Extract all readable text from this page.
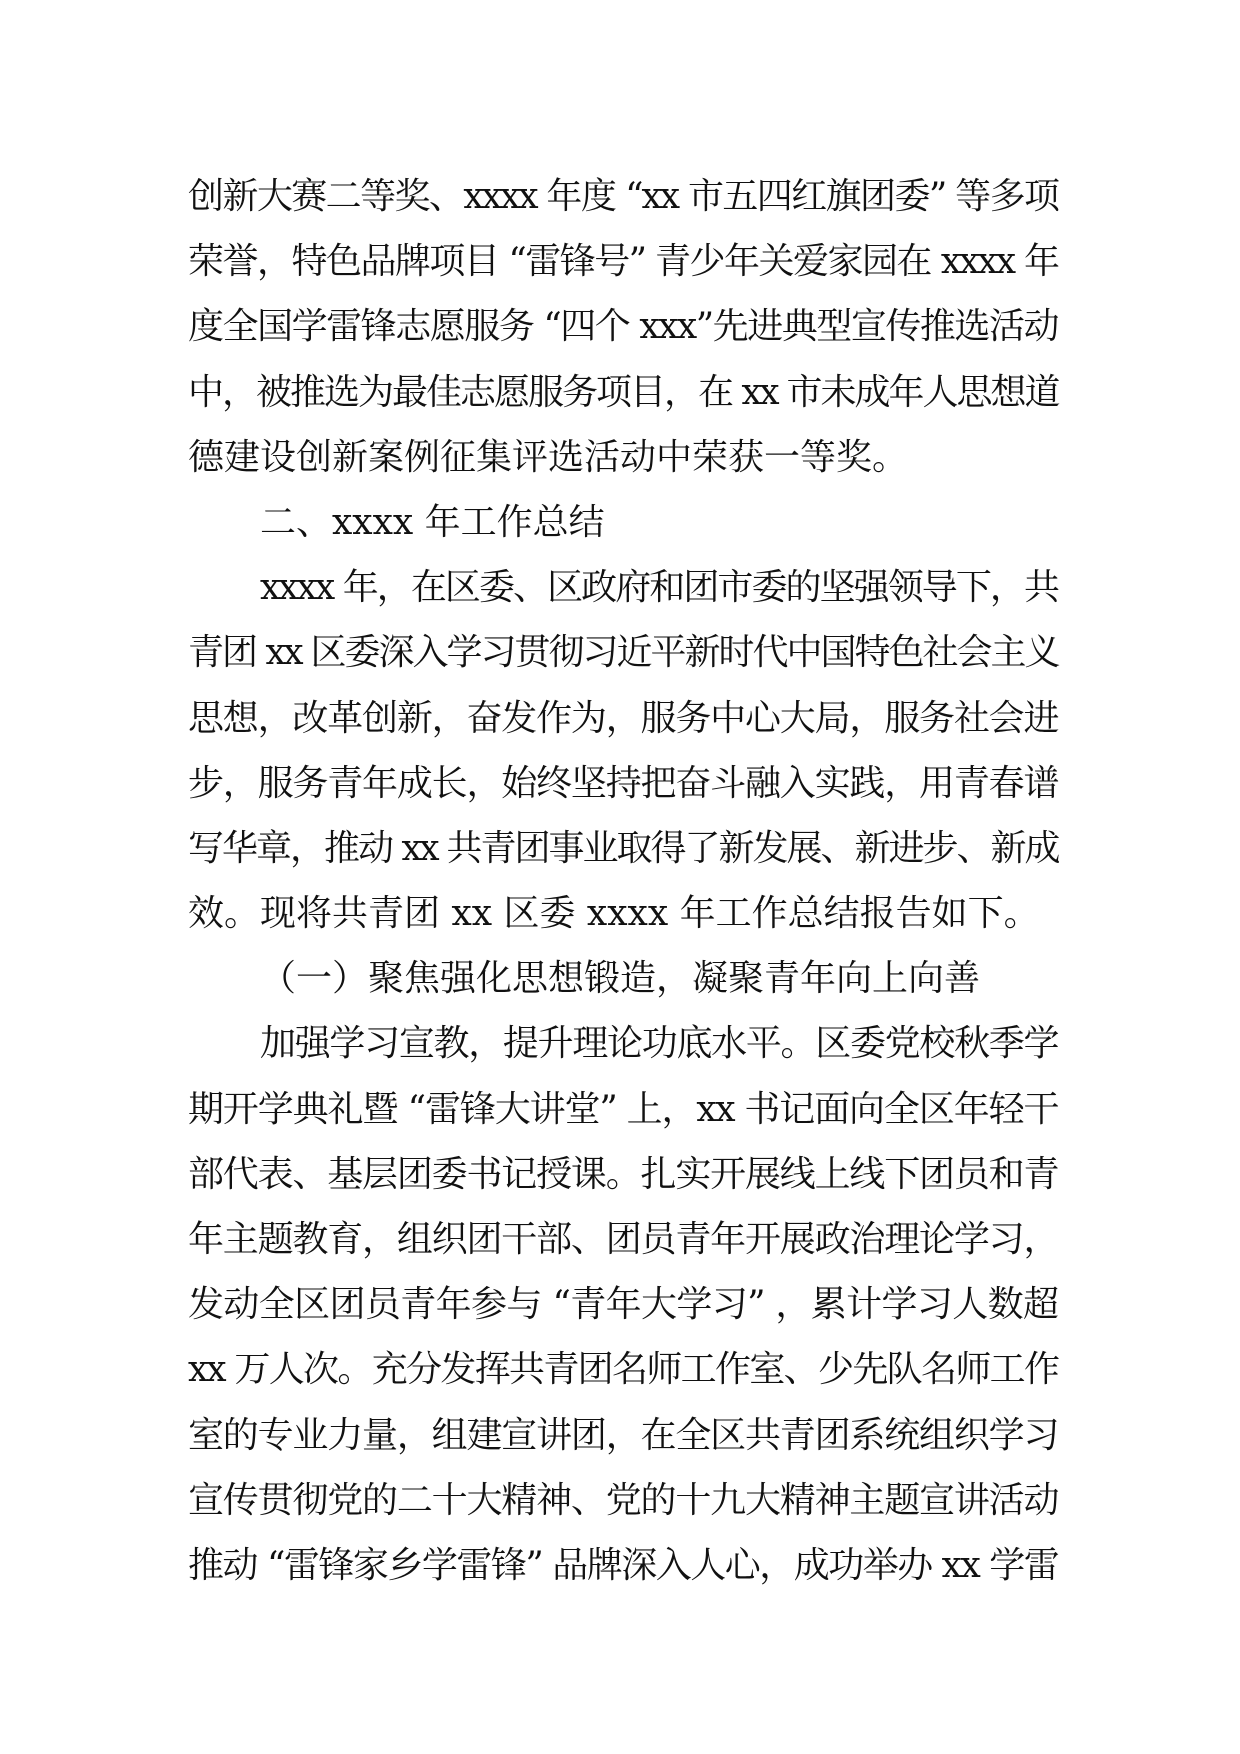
创新大赛二等奖、xxxx 年度 “xx 市五四红旗团委” 等多项
荣誉，特色品牌项目 “雷锋号” 青少年关爱家园在 xxxx 年
度全国学雷锋志愿服务 “四个 xxx”先进典型宣传推选活动
中，被推选为最佳志愿服务项目，在 xx 市未成年人思想道
德建设创新案例征集评选活动中荣获一等奖。
二、xxxx 年工作总结
xxxx 年，在区委、区政府和团市委的坚强领导下，共
青团 xx 区委深入学习贯彻习近平新时代中国特色社会主义
思想，改革创新，奋发作为，服务中心大局，服务社会进
步，服务青年成长，始终坚持把奋斗融入实践，用青春谱
写华章，推动 xx 共青团事业取得了新发展、新进步、新成
效。现将共青团 xx 区委 xxxx 年工作总结报告如下。
（一）聚焦强化思想锻造，凝聚青年向上向善
加强学习宣教，提升理论功底水平。区委党校秋季学
期开学典礼暨 “雷锋大讲堂” 上，xx 书记面向全区年轻干
部代表、基层团委书记授课。扎实开展线上线下团员和青
年主题教育，组织团干部、团员青年开展政治理论学习，
发动全区团员青年参与 “青年大学习” ，累计学习人数超
xx 万人次。充分发挥共青团名师工作室、少先队名师工作
室的专业力量，组建宣讲团，在全区共青团系统组织学习
宣传贯彻党的二十大精神、党的十九大精神主题宣讲活动
推动 “雷锋家乡学雷锋” 品牌深入人心，成功举办 xx 学雷
